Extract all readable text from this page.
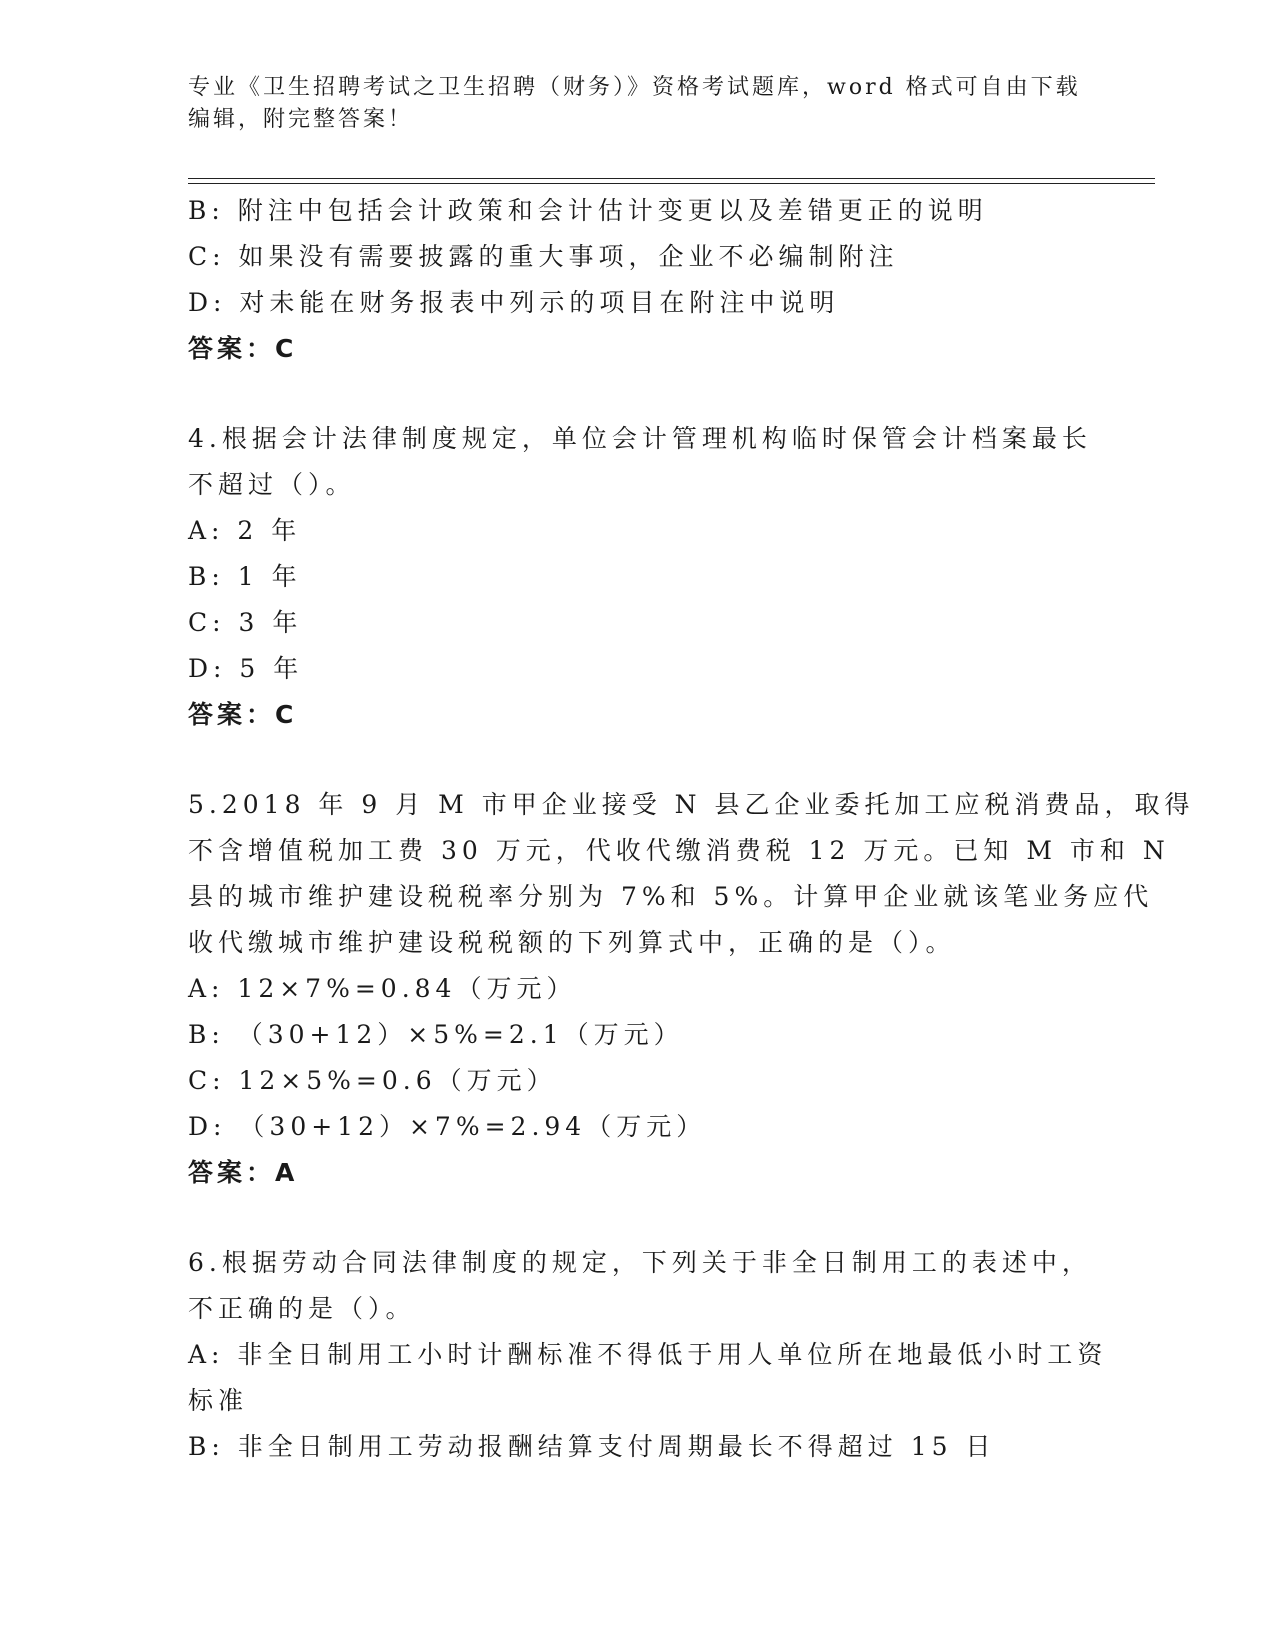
专业《卫生招聘考试之卫生招聘（财务）》资格考试题库，word 格式可自由下载
编辑，附完整答案！
B: 附注中包括会计政策和会计估计变更以及差错更正的说明
C: 如果没有需要披露的重大事项，企业不必编制附注
D: 对未能在财务报表中列示的项目在附注中说明
答案：C
4.根据会计法律制度规定，单位会计管理机构临时保管会计档案最长
不超过（）。
A: 2 年
B: 1 年
C: 3 年
D: 5 年
答案：C
5.2018 年 9 月 M 市甲企业接受 N 县乙企业委托加工应税消费品，取得
不含增值税加工费 30 万元，代收代缴消费税 12 万元。已知 M 市和 N
县的城市维护建设税税率分别为 7%和 5%。计算甲企业就该笔业务应代
收代缴城市维护建设税税额的下列算式中，正确的是（）。
A: 12×7%=0.84（万元）
B: （30+12）×5%=2.1（万元）
C: 12×5%=0.6（万元）
D: （30+12）×7%=2.94（万元）
答案：A
6.根据劳动合同法律制度的规定，下列关于非全日制用工的表述中，
不正确的是（）。
A: 非全日制用工小时计酬标准不得低于用人单位所在地最低小时工资
标准
B: 非全日制用工劳动报酬结算支付周期最长不得超过 15 日
